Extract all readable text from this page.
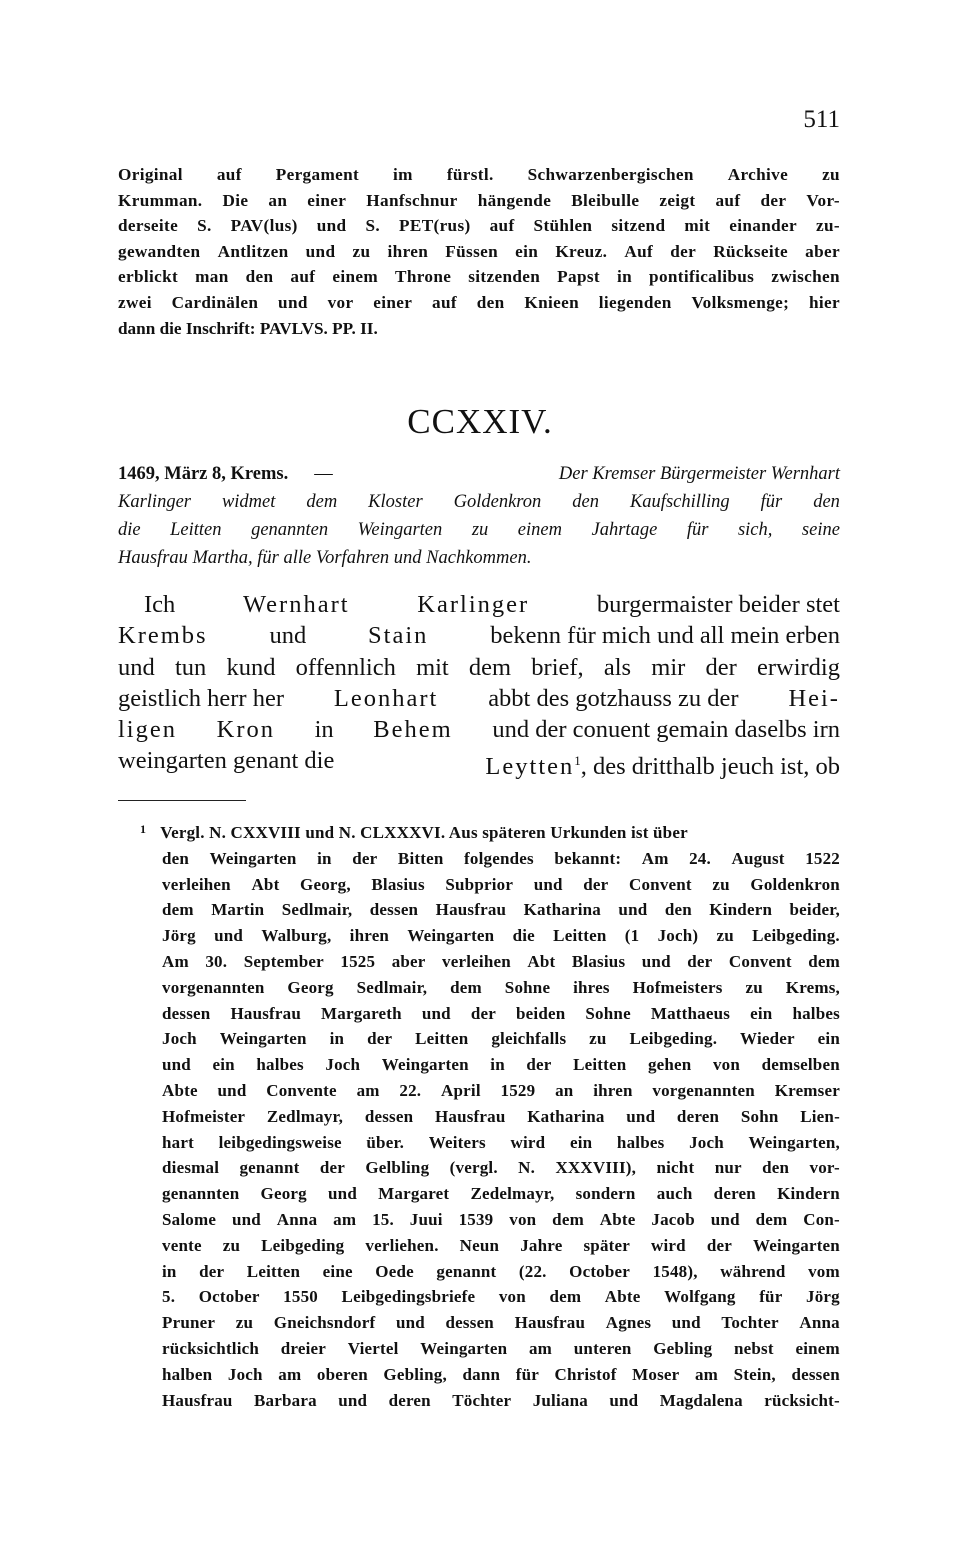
511
Original auf Pergament im fürstl. Schwarzenbergischen Archive zu
Krumman. Die an einer Hanfschnur hängende Bleibulle zeigt auf der Vor-
derseite S. PAV(lus) und S. PET(rus) auf Stühlen sitzend mit einander zu-
gewandten Antlitzen und zu ihren Füssen ein Kreuz. Auf der Rückseite aber
erblickt man den auf einem Throne sitzenden Papst in pontificalibus zwischen
zwei Cardinälen und vor einer auf den Knieen liegenden Volksmenge; hier
dann die Inschrift: PAVLVS. PP. II.
CCXXIV.
1469, März 8, Krems. —	Der Kremser Bürgermeister Wernhart
Karlinger widmet dem Kloster Goldenkron den Kaufschilling für den
die Leitten genannten Weingarten zu einem Jahrtage für sich, seine
Hausfrau Martha, für alle Vorfahren und Nachkommen.
Ich	Wernhart	Karlinger	burgermaister beider stet
Krembs	und	Stain	bekenn für mich und all mein erben
und tun kund offennlich mit dem brief, als mir der erwirdig
geistlich herr her Leonhart abbt des gotzhauss zu der Hei-
ligen Kron in Behem und der conuent gemain daselbs irn
weingarten genant die	Leytten$^1$, des dritthalb jeuch ist, ob
$^1$ Vergl. N. CXXVIII und N. CLXXXVI. Aus späteren Urkunden ist über
den Weingarten in der Bitten folgendes bekannt: Am 24. August 1522
verleihen Abt Georg, Blasius Subprior und der Convent zu Goldenkron
dem Martin Sedlmair, dessen Hausfrau Katharina und den Kindern beider,
Jörg und Walburg, ihren Weingarten die Leitten (1 Joch) zu Leibgeding.
Am 30. September 1525 aber verleihen Abt Blasius und der Convent dem
vorgenannten Georg Sedlmair, dem Sohne ihres Hofmeisters zu Krems,
dessen Hausfrau Margareth und der beiden Sohne Matthaeus ein halbes
Joch Weingarten in der Leitten gleichfalls zu Leibgeding. Wieder ein
und ein halbes Joch Weingarten in der Leitten gehen von demselben
Abte und Convente am 22. April 1529 an ihren vorgenannten Kremser
Hofmeister Zedlmayr, dessen Hausfrau Katharina und deren Sohn Lien-
hart leibgedingsweise über. Weiters wird ein halbes Joch Weingarten,
diesmal genannt der Gelbling (vergl. N. XXXVIII), nicht nur den vor-
genannten Georg und Margaret Zedelmayr, sondern auch deren Kindern
Salome und Anna am 15. Juui 1539 von dem Abte Jacob und dem Con-
vente zu Leibgeding verliehen. Neun Jahre später wird der Weingarten
in der Leitten eine Oede genannt (22. October 1548), während vom
5. October 1550 Leibgedingsbriefe von dem Abte Wolfgang für Jörg
Pruner zu Gneichsndorf und dessen Hausfrau Agnes und Tochter Anna
rücksichtlich dreier Viertel Weingarten am unteren Gebling nebst einem
halben Joch am oberen Gebling, dann für Christof Moser am Stein, dessen
Hausfrau Barbara und deren Töchter Juliana und Magdalena rücksicht-
